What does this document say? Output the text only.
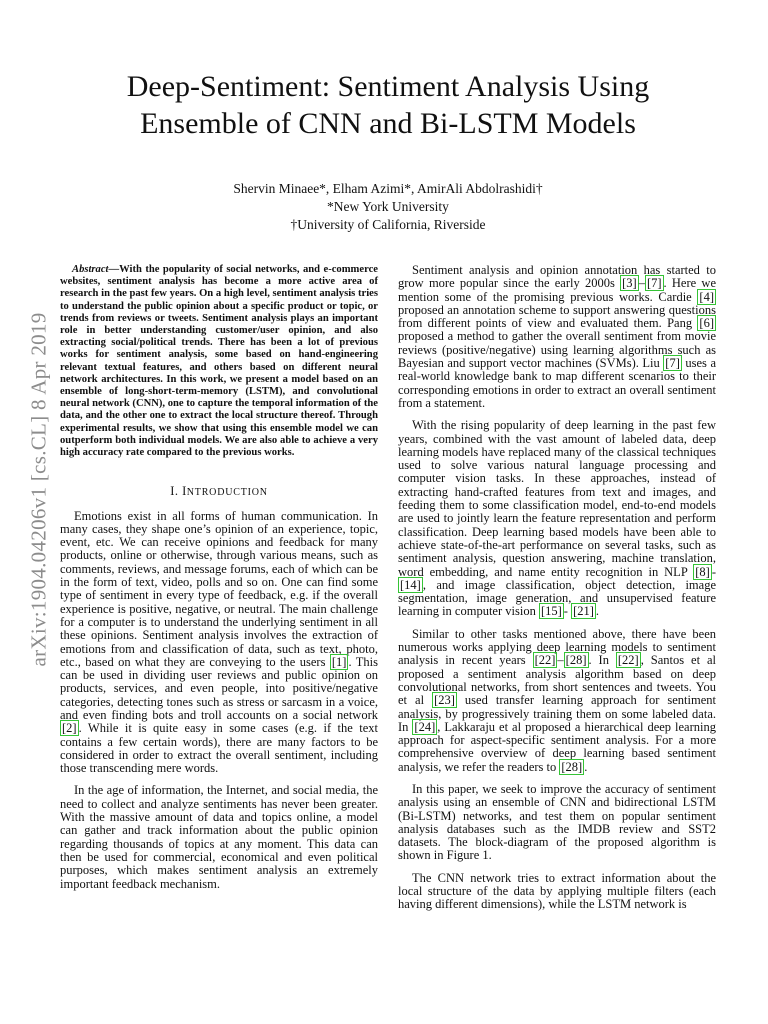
arXiv:1904.04206v1 [cs.CL] 8 Apr 2019
Deep-Sentiment: Sentiment Analysis Using
Ensemble of CNN and Bi-LSTM Models
Shervin Minaee*, Elham Azimi*, AmirAli Abdolrashidi†
*New York University
†University of California, Riverside

Abstract—With the popularity of social networks, and e-commerce websites, sentiment analysis has become a more active area of research in the past few years. On a high level, sentiment analysis tries to understand the public opinion about a specific product or topic, or trends from reviews or tweets. Sentiment analysis plays an important role in better understanding customer/user opinion, and also extracting social/political trends. There has been a lot of previous works for sentiment analysis, some based on hand-engineering relevant textual features, and others based on different neural network architectures. In this work, we present a model based on an ensemble of long-short-term-memory (LSTM), and convolutional neural network (CNN), one to capture the temporal information of the data, and the other one to extract the local structure thereof. Through experimental results, we show that using this ensemble model we can outperform both individual models. We are also able to achieve a very high accuracy rate compared to the previous works.

I. INTRODUCTION

Emotions exist in all forms of human communication. In many cases, they shape one’s opinion of an experience, topic, event, etc. We can receive opinions and feedback for many products, online or otherwise, through various means, such as comments, reviews, and message forums, each of which can be in the form of text, video, polls and so on. One can find some type of sentiment in every type of feedback, e.g. if the overall experience is positive, negative, or neutral. The main challenge for a computer is to understand the underlying sentiment in all these opinions. Sentiment analysis involves the extraction of emotions from and classification of data, such as text, photo, etc., based on what they are conveying to the users [1] . This can be used in dividing user reviews and public opinion on products, services, and even people, into positive/negative categories, detecting tones such as stress or sarcasm in a voice, and even finding bots and troll accounts on a social network [2] . While it is quite easy in some cases (e.g. if the text contains a few certain words), there are many factors to be considered in order to extract the overall sentiment, including those transcending mere words.

In the age of information, the Internet, and social media, the need to collect and analyze sentiments has never been greater. With the massive amount of data and topics online, a model can gather and track information about the public opinion regarding thousands of topics at any moment. This data can then be used for commercial, economical and even political purposes, which makes sentiment analysis an extremely important feedback mechanism.

Sentiment analysis and opinion annotation has started to grow more popular since the early 2000s [3] – [7] . Here we mention some of the promising previous works. Cardie [4] proposed an annotation scheme to support answering questions from different points of view and evaluated them. Pang [6] proposed a method to gather the overall sentiment from movie reviews (positive/negative) using learning algorithms such as Bayesian and support vector machines (SVMs). Liu [7] uses a real-world knowledge bank to map different scenarios to their corresponding emotions in order to extract an overall sentiment from a statement.

With the rising popularity of deep learning in the past few years, combined with the vast amount of labeled data, deep learning models have replaced many of the classical techniques used to solve various natural language processing and computer vision tasks. In these approaches, instead of extracting hand-crafted features from text and images, and feeding them to some classification model, end-to-end models are used to jointly learn the feature representation and perform classification. Deep learning based models have been able to achieve state-of-the-art performance on several tasks, such as sentiment analysis, question answering, machine translation, word embedding, and name entity recognition in NLP [8] -[14] , and image classification, object detection, image segmentation, image generation, and unsupervised feature learning in computer vision [15] - [21] .

Similar to other tasks mentioned above, there have been numerous works applying deep learning models to sentiment analysis in recent years [22] – [28] . In [22] , Santos et al proposed a sentiment analysis algorithm based on deep convolutional networks, from short sentences and tweets. You et al [23] used transfer learning approach for sentiment analysis, by progressively training them on some labeled data. In [24] , Lakkaraju et al proposed a hierarchical deep learning approach for aspect-specific sentiment analysis. For a more comprehensive overview of deep learning based sentiment analysis, we refer the readers to [28] .

In this paper, we seek to improve the accuracy of sentiment analysis using an ensemble of CNN and bidirectional LSTM (Bi-LSTM) networks, and test them on popular sentiment analysis databases such as the IMDB review and SST2 datasets. The block-diagram of the proposed algorithm is shown in Figure 1.

The CNN network tries to extract information about the local structure of the data by applying multiple filters (each having different dimensions), while the LSTM network is
